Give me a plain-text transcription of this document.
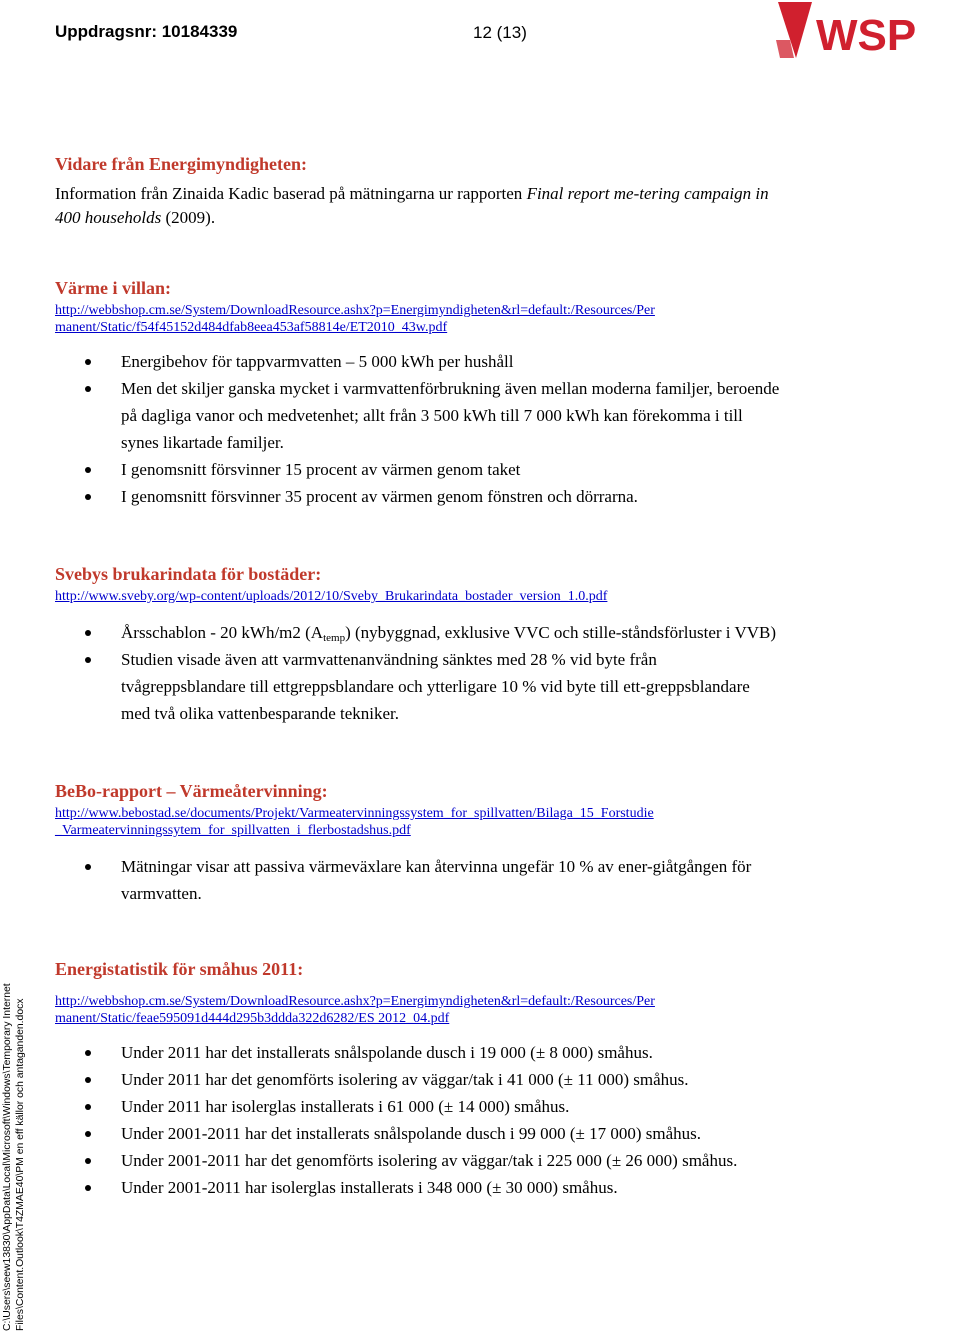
Uppdragsnr: 10184339	12 (13)	WSP
C:\Users\seew13830\AppData\Local\Microsoft\Windows\Temporary Internet Files\Content.Outlook\T4ZMAE40\PM en eff källor och antaganden.docx
Vidare från Energimyndigheten:

Information från Zinaida Kadic baserad på mätningarna ur rapporten Final report me-tering campaign in 400 households (2009).

Värme i villan:
http://webbshop.cm.se/System/DownloadResource.ashx?p=Energimyndigheten&rl=default:/Resources/Per
manent/Static/f54f45152d484dfab8eea453af58814e/ET2010_43w.pdf
Energibehov för tappvarmvatten – 5 000 kWh per hushåll
Men det skiljer ganska mycket i varmvattenförbrukning även mellan moderna familjer, beroende på dagliga vanor och medvetenhet; allt från 3 500 kWh till 7 000 kWh kan förekomma i till synes likartade familjer.
I genomsnitt försvinner 15 procent av värmen genom taket
I genomsnitt försvinner 35 procent av värmen genom fönstren och dörrarna.
Svebys brukarindata för bostäder:
http://www.sveby.org/wp-content/uploads/2012/10/Sveby_Brukarindata_bostader_version_1.0.pdf
Årsschablon - 20 kWh/m2 $(A_{temp})$ (nybyggnad, exklusive VVC och stille-ståndsförluster i VVB)
Studien visade även att varmvattenanvändning sänktes med 28 % vid byte från tvågreppsblandare till ettgreppsblandare och ytterligare 10 % vid byte till ett-greppsblandare med två olika vattenbesparande tekniker.
BeBo-rapport – Värmeåtervinning:
http://www.bebostad.se/documents/Projekt/Varmeatervinningssystem_for_spillvatten/Bilaga_15_Forstudie
_Varmeatervinningssytem_for_spillvatten_i_flerbostadshus.pdf
Mätningar visar att passiva värmeväxlare kan återvinna ungefär 10 % av ener-giåtgången för varmvatten.
Energistatistik för småhus 2011:
http://webbshop.cm.se/System/DownloadResource.ashx?p=Energimyndigheten&rl=default:/Resources/Per
manent/Static/feae595091d444d295b3ddda322d6282/ES 2012_04.pdf
Under 2011 har det installerats snålspolande dusch i 19 000 (± 8 000) småhus.
Under 2011 har det genomförts isolering av väggar/tak i 41 000 (± 11 000) småhus.
Under 2011 har isolerglas installerats i 61 000 (± 14 000) småhus.
Under 2001-2011 har det installerats snålspolande dusch i 99 000 (± 17 000) småhus.
Under 2001-2011 har det genomförts isolering av väggar/tak i 225 000 (± 26 000) småhus.
Under 2001-2011 har isolerglas installerats i 348 000 (± 30 000) småhus.
